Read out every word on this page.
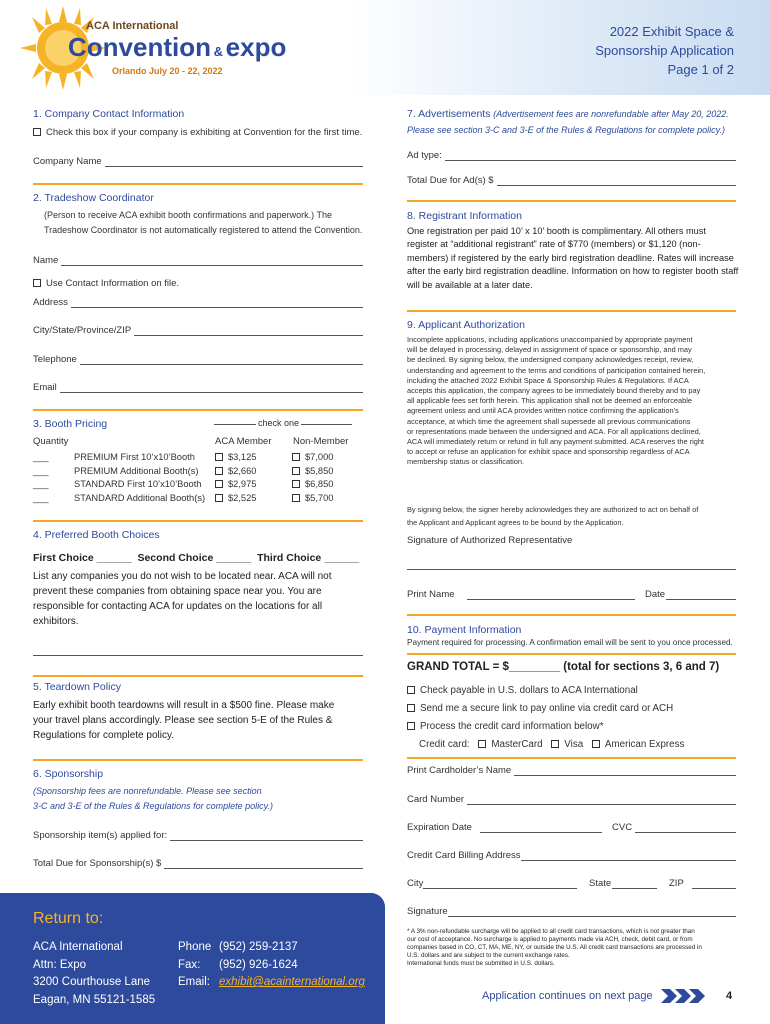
ACA International
Convention & expo
Orlando July 20 - 22, 2022
2022 Exhibit Space &
Sponsorship Application
Page 1 of 2
1. Company Contact Information
Check this box if your company is exhibiting at Convention for the first time.
Company Name
2. Tradeshow Coordinator
(Person to receive ACA exhibit booth confirmations and paperwork.) The
Tradeshow Coordinator is not automatically registered to attend the Convention.
Name
Use Contact Information on file.
Address
City/State/Province/ZIP
Telephone
Email
3. Booth Pricing	check one
Quantity	ACA Member Non-Member
___	PREMIUM First 10’x10’Booth	$3,125	$7,000
___	PREMIUM Additional Booth(s)	$2,660	$5,850
___	STANDARD First 10’x10’Booth	$2,975	$6,850
___	STANDARD Additional Booth(s)	$2,525	$5,700
4. Preferred Booth Choices
First Choice ______  Second Choice ______  Third Choice ______
List any companies you do not wish to be located near. ACA will not
prevent these companies from obtaining space near you. You are
responsible for contacting ACA for updates on the locations for all
exhibitors.
5. Teardown Policy
Early exhibit booth teardowns will result in a $500 fine. Please make
your travel plans accordingly. Please see section 5-E of the Rules &
Regulations for complete policy.
6. Sponsorship
(Sponsorship fees are nonrefundable. Please see section
3-C and 3-E of the Rules & Regulations for complete policy.)
Sponsorship item(s) applied for:
Total Due for Sponsorship(s) $
Return to:
ACA International
Attn: Expo
3200 Courthouse Lane
Eagan, MN 55121-1585
Phone (952) 259-2137
Fax: (952) 926-1624
Email: exhibit@acainternational.org
7. Advertisements (Advertisement fees are nonrefundable after May 20, 2022.
Please see section 3-C and 3-E of the Rules & Regulations for complete policy.)
Ad type:
Total Due for Ad(s) $
8. Registrant Information
One registration per paid 10’ x 10’ booth is complimentary. All others must
register at “additional registrant” rate of $770 (members) or $1,120 (non-
members) if registered by the early bird registration deadline. Rates will increase
after the early bird registration deadline. Information on how to register booth staff
will be available at a later date.
9. Applicant Authorization
Incomplete applications, including applications unaccompanied by appropriate payment
will be delayed in processing, delayed in assignment of space or sponsorship, and may
be declined. By signing below, the undersigned company acknowledges receipt, review,
understanding and agreement to the terms and conditions of participation contained herein,
including the attached 2022 Exhibit Space & Sponsorship Rules & Regulations. If ACA
accepts this application, the company agrees to be immediately bound thereby and to pay
all applicable fees set forth herein. This application shall not be deemed an enforceable
agreement unless and until ACA provides written notice confirming the application’s
acceptance, at which time the agreement shall supersede all previous communications
or representations made between the undersigned and ACA. For all applications declined,
ACA will immediately return or refund in full any payment submitted. ACA reserves the right
to accept or refuse an application for exhibit space and sponsorship regardless of ACA
membership status or classification.
By signing below, the signer hereby acknowledges they are authorized to act on behalf of
the Applicant and Applicant agrees to be bound by the Application.
Signature of Authorized Representative
Print Name	Date
10. Payment Information
Payment required for processing. A confirmation email will be sent to you once processed.
GRAND TOTAL = $________ (total for sections 3, 6 and 7)
Check payable in U.S. dollars to ACA International
Send me a secure link to pay online via credit card or ACH
Process the credit card information below*
Credit card: MasterCard Visa American Express
Print Cardholder’s Name
Card Number
Expiration Date	CVC
Credit Card Billing Address
City	State	ZIP
Signature
* A 3% non-refundable surcharge will be applied to all credit card transactions, which is not greater than
our cost of acceptance. No surcharge is applied to payments made via ACH, check, debit card, or from
companies based in CO, CT, MA, ME, NY, or outside the U.S. All credit card transactions are processed in
U.S. dollars and are subject to the current exchange rates.
International funds must be submitted in U.S. dollars.
Application continues on next page	4
